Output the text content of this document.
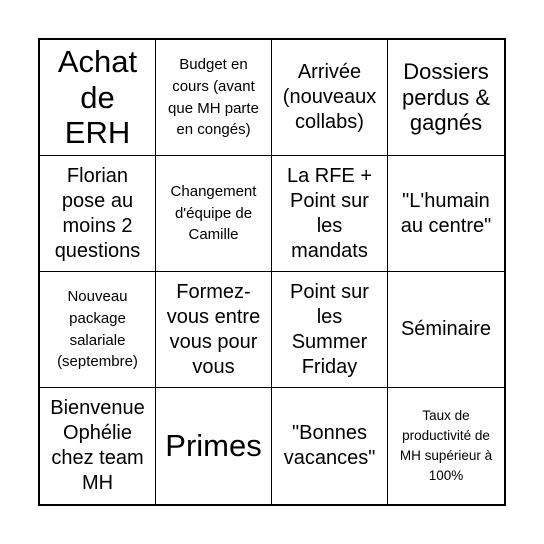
Achat de ERH
Budget en cours (avant que MH parte en congés)
Arrivée (nouveaux collabs)
Dossiers perdus & gagnés
Florian pose au moins 2 questions
Changement d'équipe de Camille
La RFE + Point sur les mandats
"L'humain au centre"
Nouveau package salariale (septembre)
Formez-vous entre vous pour vous
Point sur les Summer Friday
Séminaire
Bienvenue Ophélie chez team MH
Primes	"Bonnes vacances"
Taux de productivité de MH supérieur à 100%
